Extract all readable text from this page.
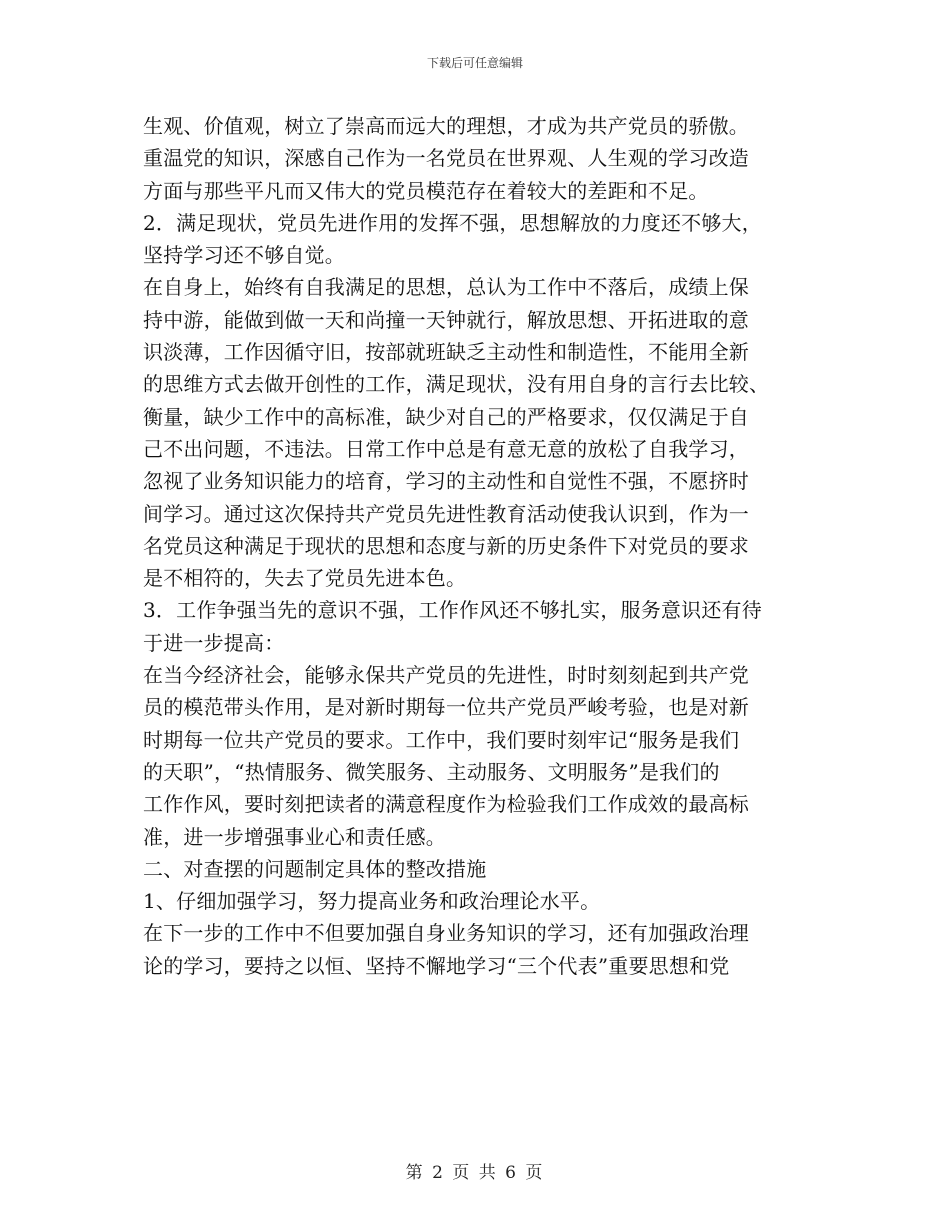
下载后可任意编辑
生观、价值观，树立了崇高而远大的理想，才成为共产党员的骄傲。
重温党的知识，深感自己作为一名党员在世界观、人生观的学习改造
方面与那些平凡而又伟大的党员模范存在着较大的差距和不足。
2．满足现状，党员先进作用的发挥不强，思想解放的力度还不够大，
坚持学习还不够自觉。
在自身上，始终有自我满足的思想，总认为工作中不落后，成绩上保
持中游，能做到做一天和尚撞一天钟就行，解放思想、开拓进取的意
识淡薄，工作因循守旧，按部就班缺乏主动性和制造性，不能用全新
的思维方式去做开创性的工作，满足现状，没有用自身的言行去比较、
衡量，缺少工作中的高标准，缺少对自己的严格要求，仅仅满足于自
己不出问题，不违法。日常工作中总是有意无意的放松了自我学习，
忽视了业务知识能力的培育，学习的主动性和自觉性不强，不愿挤时
间学习。通过这次保持共产党员先进性教育活动使我认识到，作为一
名党员这种满足于现状的思想和态度与新的历史条件下对党员的要求
是不相符的，失去了党员先进本色。
3．工作争强当先的意识不强，工作作风还不够扎实，服务意识还有待
于进一步提高：
在当今经济社会，能够永保共产党员的先进性，时时刻刻起到共产党
员的模范带头作用，是对新时期每一位共产党员严峻考验，也是对新
时期每一位共产党员的要求。工作中，我们要时刻牢记“服务是我们
的天职”，“热情服务、微笑服务、主动服务、文明服务”是我们的
工作作风，要时刻把读者的满意程度作为检验我们工作成效的最高标
准，进一步增强事业心和责任感。
二、对查摆的问题制定具体的整改措施
1、仔细加强学习，努力提高业务和政治理论水平。
在下一步的工作中不但要加强自身业务知识的学习，还有加强政治理
论的学习，要持之以恒、坚持不懈地学习“三个代表”重要思想和党
第 2 页 共 6 页
